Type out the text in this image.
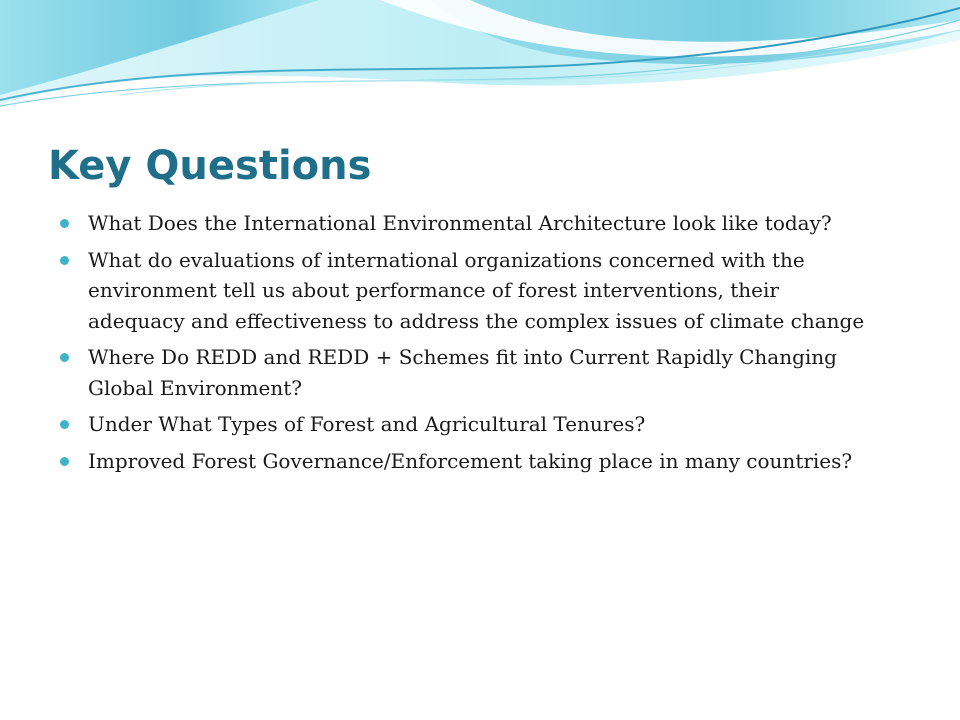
Key Questions
What Does the International Environmental Architecture look like today?
What do evaluations of international organizations concerned with the environment tell us about performance of forest interventions, their adequacy and effectiveness to address the complex issues of climate change
Where Do REDD and REDD + Schemes fit into Current Rapidly Changing Global Environment?
Under What Types of Forest and Agricultural Tenures?
Improved Forest Governance/Enforcement taking place in many countries?
